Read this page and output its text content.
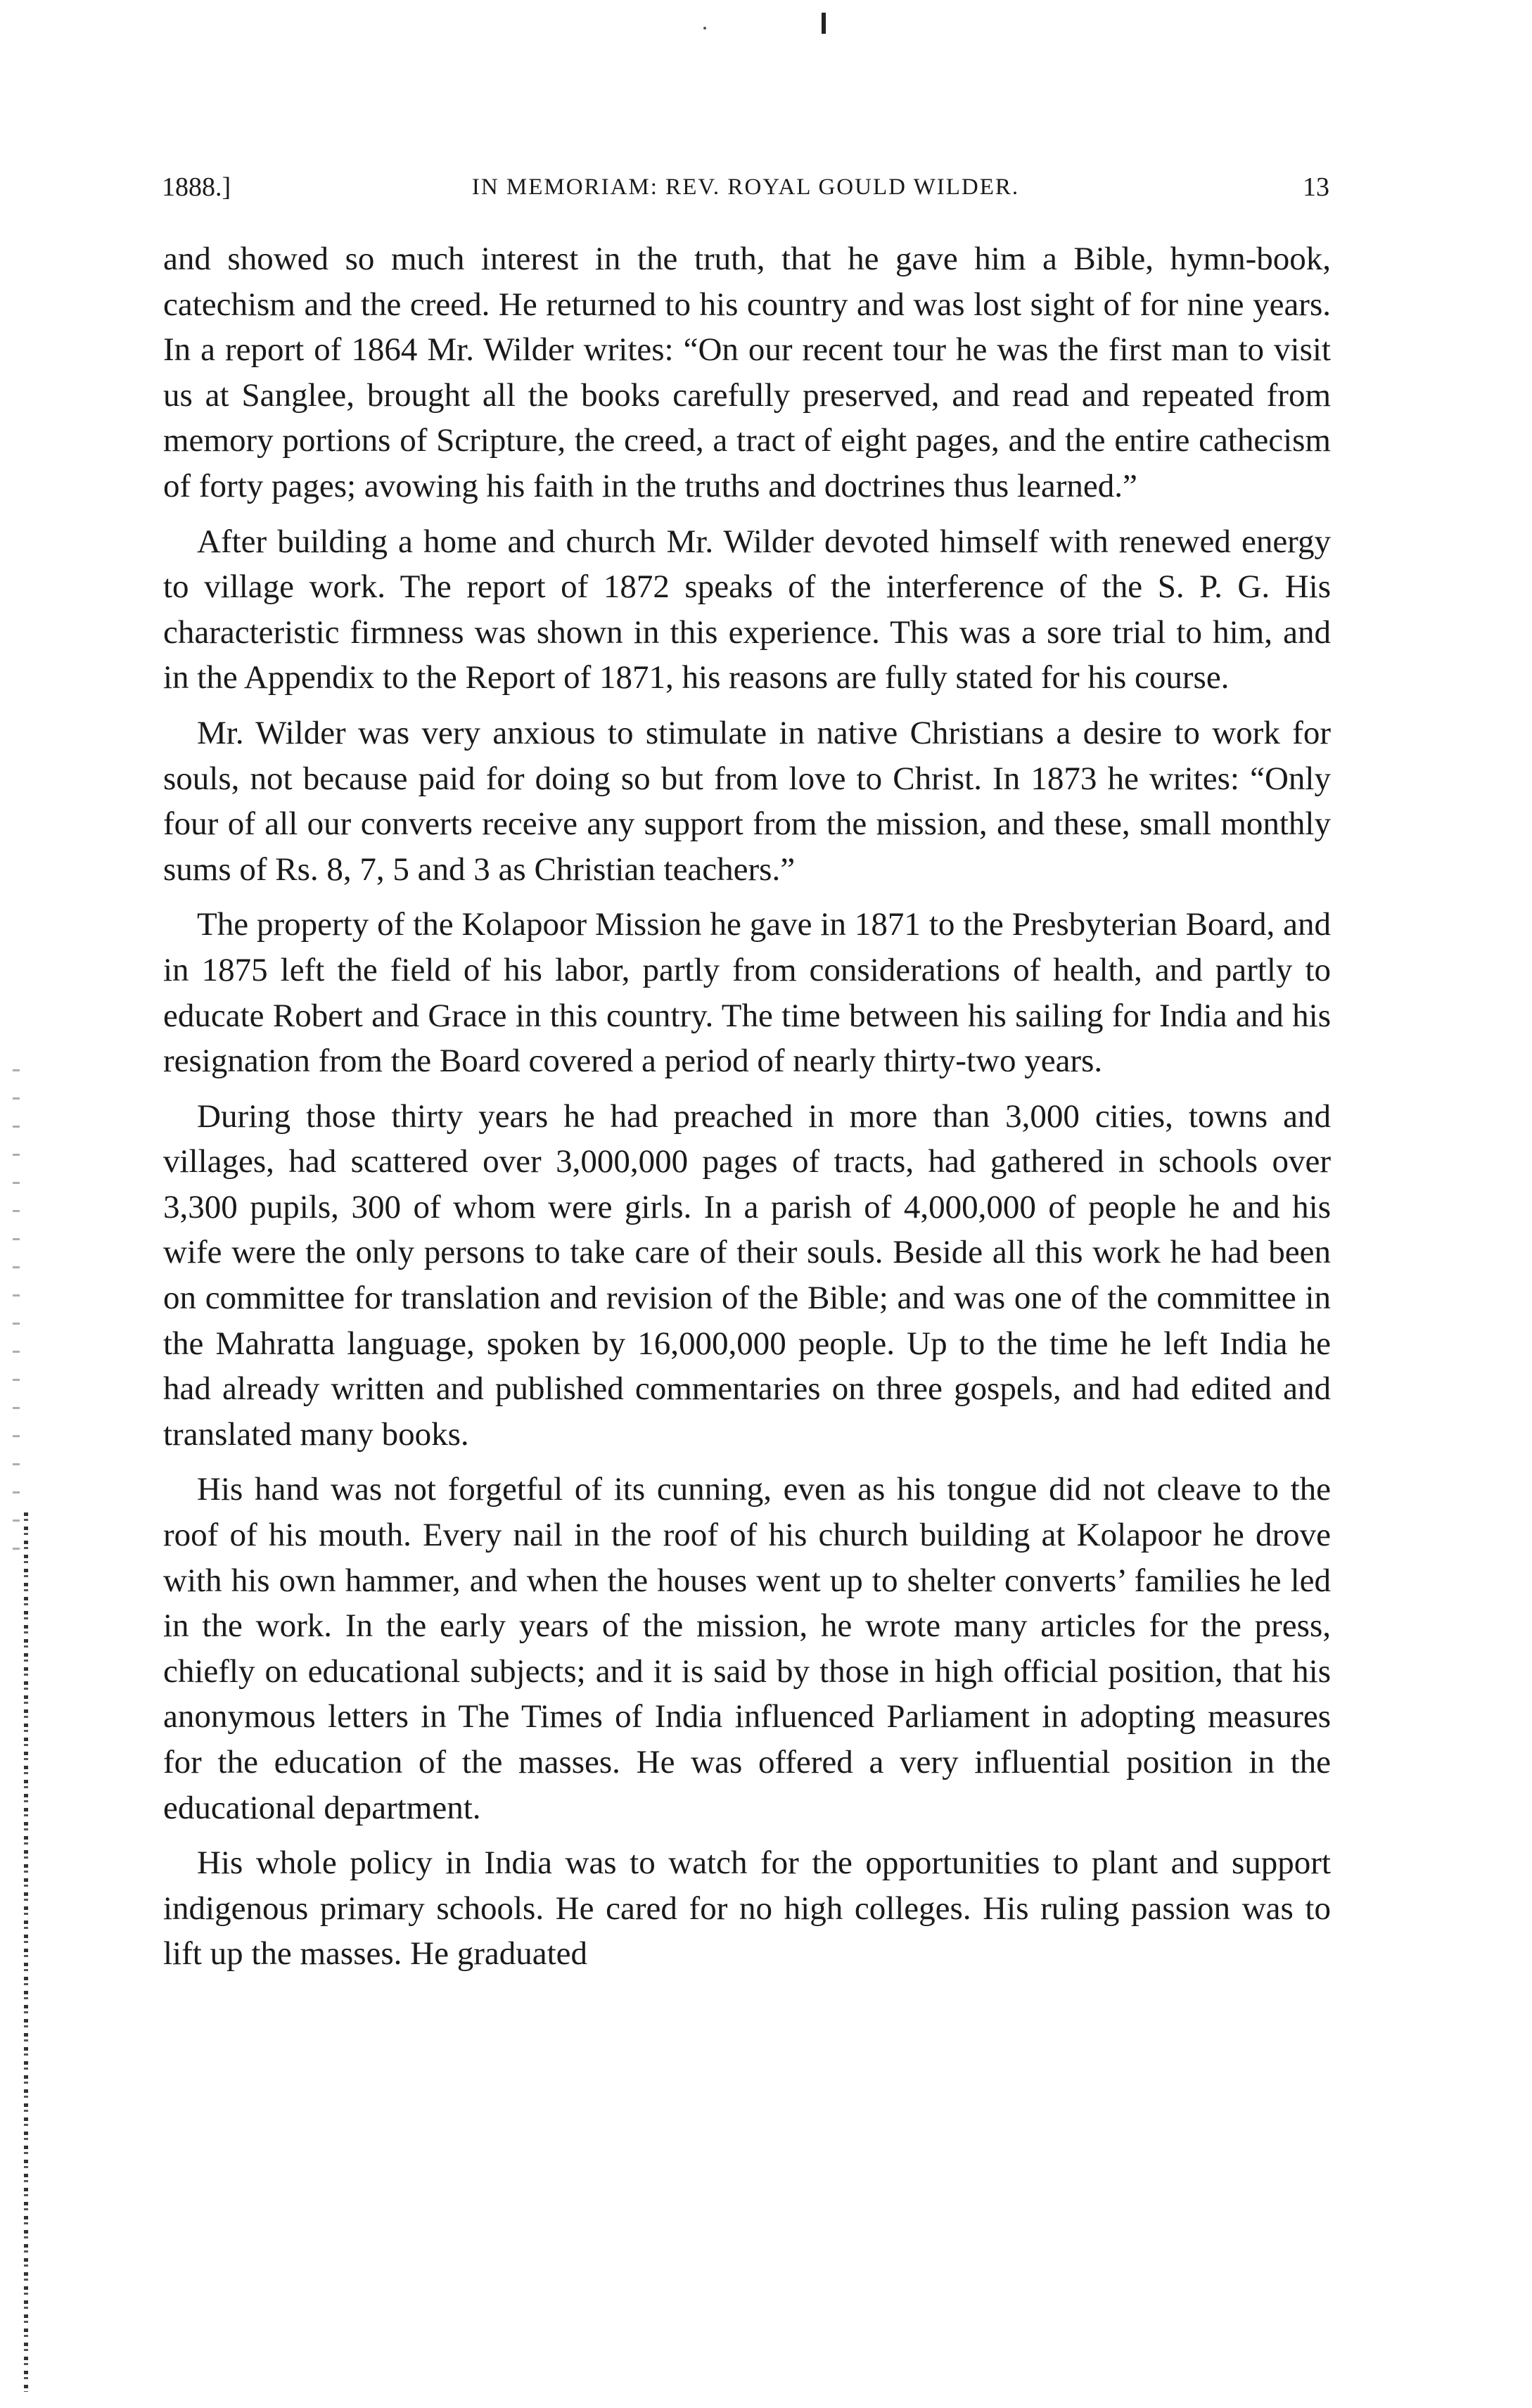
1888.]	IN MEMORIAM: REV. ROYAL GOULD WILDER.	13

and showed so much interest in the truth, that he gave him a Bible, hymn-book, catechism and the creed. He returned to his country and was lost sight of for nine years. In a report of 1864 Mr. Wilder writes: “On our recent tour he was the first man to visit us at Sanglee, brought all the books carefully preserved, and read and repeated from memory portions of Scripture, the creed, a tract of eight pages, and the entire cathecism of forty pages; avowing his faith in the truths and doctrines thus learned.”

After building a home and church Mr. Wilder devoted himself with renewed energy to village work. The report of 1872 speaks of the interference of the S. P. G. His characteristic firmness was shown in this experience. This was a sore trial to him, and in the Appendix to the Report of 1871, his reasons are fully stated for his course.

Mr. Wilder was very anxious to stimulate in native Christians a desire to work for souls, not because paid for doing so but from love to Christ. In 1873 he writes: “Only four of all our converts receive any support from the mission, and these, small monthly sums of Rs. 8, 7, 5 and 3 as Christian teachers.”

The property of the Kolapoor Mission he gave in 1871 to the Presbyterian Board, and in 1875 left the field of his labor, partly from considerations of health, and partly to educate Robert and Grace in this country. The time between his sailing for India and his resignation from the Board covered a period of nearly thirty-two years.

During those thirty years he had preached in more than 3,000 cities, towns and villages, had scattered over 3,000,000 pages of tracts, had gathered in schools over 3,300 pupils, 300 of whom were girls. In a parish of 4,000,000 of people he and his wife were the only persons to take care of their souls. Beside all this work he had been on committee for translation and revision of the Bible; and was one of the committee in the Mahratta language, spoken by 16,000,000 people. Up to the time he left India he had already written and published commentaries on three gospels, and had edited and translated many books.

His hand was not forgetful of its cunning, even as his tongue did not cleave to the roof of his mouth. Every nail in the roof of his church building at Kolapoor he drove with his own hammer, and when the houses went up to shelter converts’ families he led in the work. In the early years of the mission, he wrote many articles for the press, chiefly on educational subjects; and it is said by those in high official position, that his anonymous letters in The Times of India influenced Parliament in adopting measures for the education of the masses. He was offered a very influential position in the educational department.

His whole policy in India was to watch for the opportunities to plant and support indigenous primary schools. He cared for no high colleges. His ruling passion was to lift up the masses. He graduated
